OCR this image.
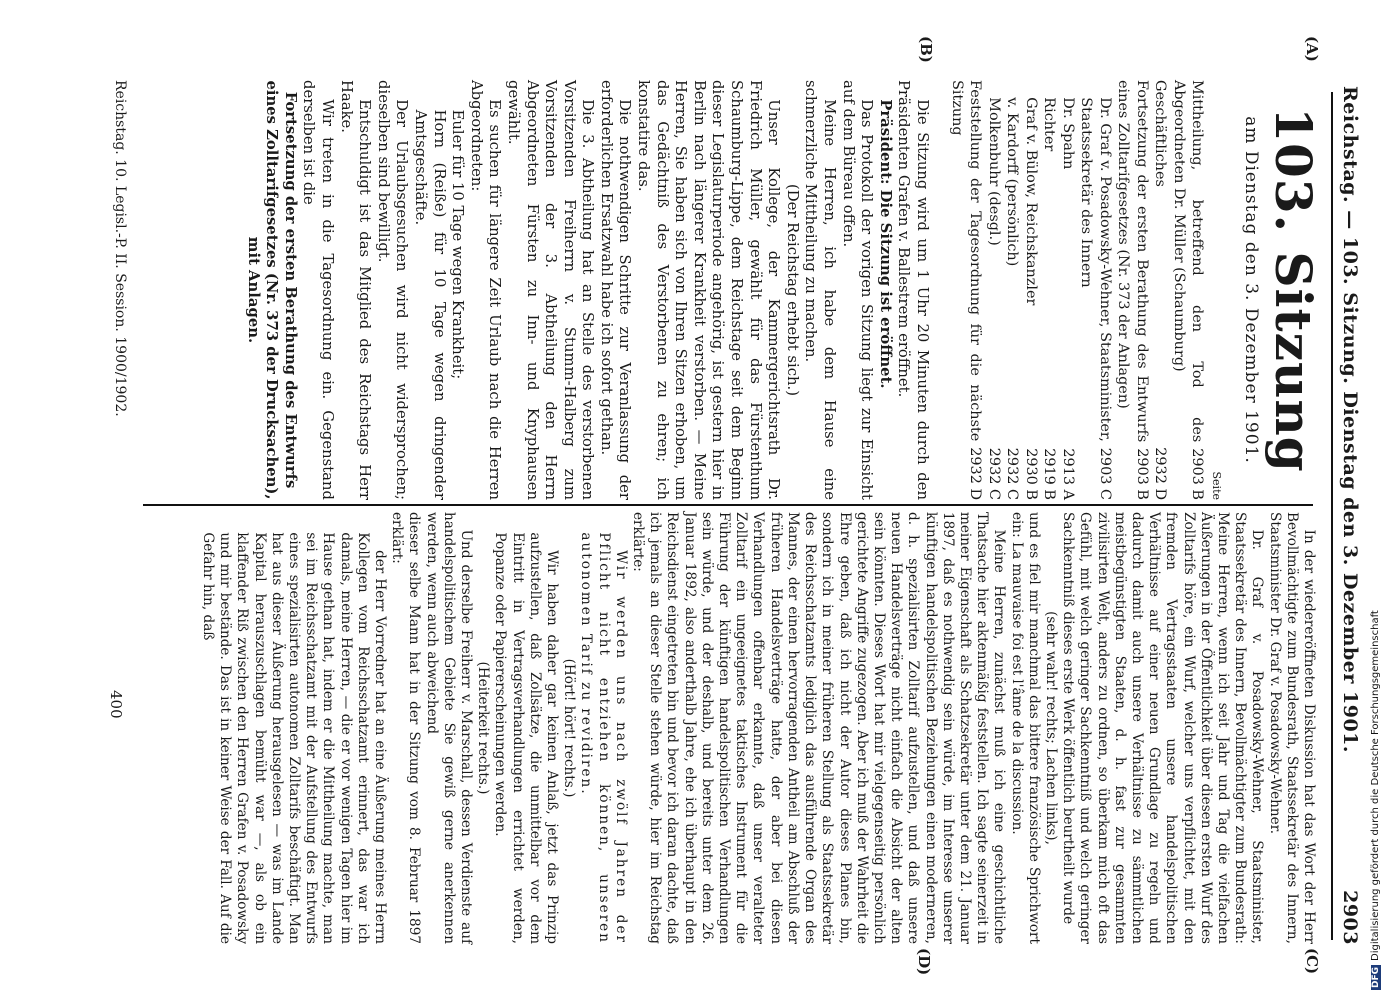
Reichstag. — 103. Sitzung. Dienstag den 3. Dezember 1901.
2903
(A)
103. Sitzung
am Dienstag den 3. Dezember 1901.
Seite
Mittheilung, betreffend den Tod des Abgeordneten Dr. Müller (Schaumburg)
2903 B
Geschäftliches
2932 D
Fortsetzung der ersten Berathung des Entwurfs eines Zolltarifgesetzes (Nr. 373 der Anlagen)
2903 B
Dr. Graf v. Posadowsky-Wehner, Staatsminister, Staatssekretär des Innern
2903 C
Dr. Spahn
2913 A
Richter
2919 B
Graf v. Bülow, Reichskanzler
2930 B
v. Kardorff (persönlich)
2932 C
Molkenbuhr (desgl.)
2932 C
Feststellung der Tagesordnung für die nächste Sitzung
2932 D
(B)

Die Sitzung wird um 1 Uhr 20 Minuten durch den Präsidenten Grafen v. Ballestrem eröffnet.

Präsident: Die Sitzung ist eröffnet.

Das Protokoll der vorigen Sitzung liegt zur Einsicht auf dem Büreau offen.

Meine Herren, ich habe dem Hause eine schmerzliche Mittheilung zu machen.

(Der Reichstag erhebt sich.)

Unser Kollege, der Kammergerichtsrath Dr. Friedrich Müller, gewählt für das Fürstenthum Schaumburg-Lippe, dem Reichstage seit dem Beginn dieser Legislaturperiode angehörig, ist gestern hier in Berlin nach längerer Krankheit verstorben. — Meine Herren, Sie haben sich von Ihren Sitzen erhoben, um das Gedächtniß des Verstorbenen zu ehren; ich konstatire das.

Die nothwendigen Schritte zur Veranlassung der erforderlichen Ersatzwahl habe ich sofort gethan.

Die 3. Abtheilung hat an Stelle des verstorbenen Vorsitzenden Freiherrn v. Stumm-Halberg zum Vorsitzenden der 3. Abtheilung den Herrn Abgeordneten Fürsten zu Inn- und Knyphausen gewählt.

Es suchen für längere Zeit Urlaub nach die Herren Abgeordneten:

Euler für 10 Tage wegen Krankheit;

Horn (Reiße) für 10 Tage wegen dringender Amtsgeschäfte.

Der Urlaubsgesuchen wird nicht widersprochen; dieselben sind bewilligt.

Entschuldigt ist das Mitglied des Reichstags Herr Haake.

Wir treten in die Tagesordnung ein. Gegenstand derselben ist die

Fortsetzung der ersten Berathung des Entwurfs eines Zolltarifgesetzes (Nr. 373 der Drucksachen), mit Anlagen.

Reichstag. 10. Legisl.-P. II. Session. 1900/1902.
(C)
(D)

In der wiedereröffneten Diskussion hat das Wort der Herr Bevollmächtigte zum Bundesrath, Staatssekretär des Innern, Staatsminister Dr. Graf v. Posadowsky-Wehner.

Dr. Graf v. Posadowsky-Wehner, Staatsminister, Staatssekretär des Innern, Bevollmächtigter zum Bundesrath: Meine Herren, wenn ich seit Jahr und Tag die vielfachen Äußerungen in der Öffentlichkeit über diesen ersten Wurf des Zolltarifs höre, ein Wurf, welcher uns verpflichtet, mit den fremden Vertragsstaaten unsere handelspolitischen Verhältnisse auf einer neuen Grundlage zu regeln und dadurch damit auch unsere Verhältnisse zu sämmtlichen meistbegünstigten Staaten, d. h. fast zur gesammten zivilisirten Welt, anders zu ordnen, so überkam mich oft das Gefühl, mit welch geringer Sachkenntniß und welch geringer Sachkenntniß dieses erste Werk öffentlich beurtheilt wurde

(sehr wahr! rechts; Lachen links),

und es fiel mir manchmal das bittere französische Sprichwort ein: La mauvaise foi est l'âme de la discussion.

Meine Herren, zunächst muß ich eine geschichtliche Thatsache hier aktenmäßig feststellen. Ich sagte seinerzeit in meiner Eigenschaft als Schatzsekretär unter dem 21. Januar 1897, daß es nothwendig sein würde, im Interesse unserer künftigen handelspolitischen Beziehungen einen moderneren, d. h. spezialisirten Zolltarif aufzustellen, und daß unsere neuen Handelsverträge nicht einfach die Absicht der alten sein könnten. Dieses Wort hat mir vielgegenseitig persönlich gerichtete Angriffe zugezogen. Aber ich muß der Wahrheit die Ehre geben, daß ich nicht der Autor dieses Planes bin, sondern ich in meiner früheren Stellung als Staatssekretär des Reichsschatzamts lediglich das ausführende Organ des Mannes, der einen hervorragenden Antheil am Abschluß der früheren Handelsverträge hatte, der aber bei diesen Verhandlungen offenbar erkannte, daß unser veralteter Zolltarif ein ungeeignetes taktisches Instrument für die Führung der künftigen handelspolitischen Verhandlungen sein würde, und der deshalb, und bereits unter dem 26. Januar 1892, also anderthalb Jahre, ehe ich überhaupt in den Reichsdienst eingetreten bin und bevor ich daran dachte, daß ich jemals an dieser Stelle stehen würde, hier im Reichstag erklärte:

Wir werden uns nach zwölf Jahren der Pflicht nicht entziehen können, unseren autonomen Tarif zu revidiren.

(Hört! hört! rechts.)

Wir haben daher gar keinen Anlaß, jetzt das Prinzip aufzustellen, daß Zollsätze, die unmittelbar vor dem Eintritt in Vertragsverhandlungen errichtet werden, Popanze oder Papiererscheinungen werden.

(Heiterkeit rechts.)

Und derselbe Freiherr v. Marschall, dessen Verdienste auf handelspolitischem Gebiete Sie gewiß gerne anerkennen werden, wenn auch abweichend

dieser selbe Mann hat in der Sitzung vom 8. Februar 1897 erklärt:

der Herr Vorredner hat an eine Äußerung meines Herrn Kollegen vom Reichsschatzamt erinnert, das war ich damals, meine Herren, — die er vor wenigen Tagen hier im Hause gethan hat, indem er die Mittheilung machte, man sei im Reichsschatzamt mit der Aufstellung des Entwurfs eines spezialisirten autonomen Zolltarifs beschäftigt. Man hat aus dieser Äußerung herausgelesen — was im Lande Kapital herauszuschlagen bemüht war —, als ob ein klaffender Riß zwischen den Herren Grafen v. Posadowsky und mir bestände. Das ist in keiner Weise der Fall. Auf die Gefahr hin, daß

400
DFGDigitalisierung gefördert durch die Deutsche Forschungsgemeinschaft
